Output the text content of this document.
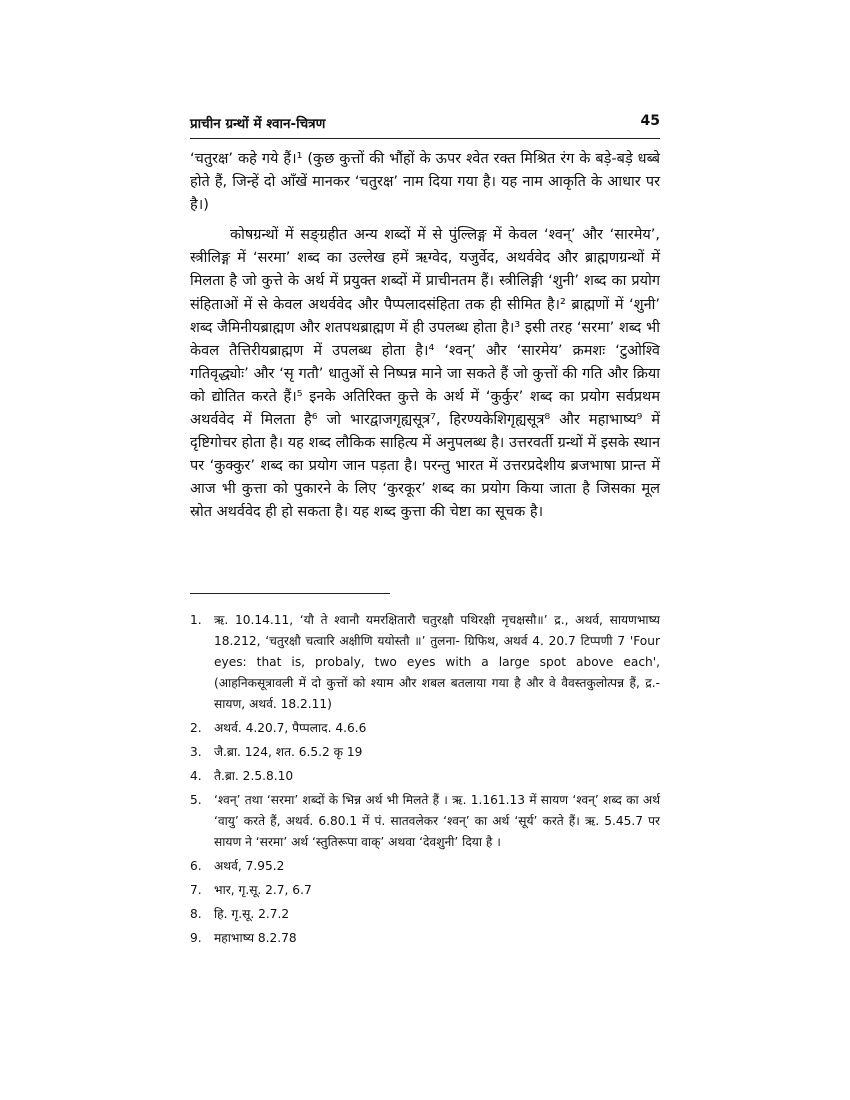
प्राचीन ग्रन्थों में श्वान-चित्रण	45

‘चतुरक्ष’ कहे गये हैं।¹ (कुछ कुत्तों की भौंहों के ऊपर श्वेत रक्त मिश्रित रंग के बड़े-बड़े धब्बे होते हैं, जिन्हें दो आँखें मानकर ‘चतुरक्ष’ नाम दिया गया है। यह नाम आकृति के आधार पर है।)

कोषग्रन्थों में सङ्ग्रहीत अन्य शब्दों में से पुंल्लिङ्ग में केवल ‘श्वन्’ और ‘सारमेय’, स्त्रीलिङ्ग में ‘सरमा’ शब्द का उल्लेख हमें ऋग्वेद, यजुर्वेद, अथर्ववेद और ब्राह्मणग्रन्थों में मिलता है जो कुत्ते के अर्थ में प्रयुक्त शब्दों में प्राचीनतम हैं। स्त्रीलिङ्गी ‘शुनी’ शब्द का प्रयोग संहिताओं में से केवल अथर्ववेद और पैप्पलादसंहिता तक ही सीमित है।² ब्राह्मणों में ‘शुनी’ शब्द जैमिनीयब्राह्मण और शतपथब्राह्मण में ही उपलब्ध होता है।³ इसी तरह ‘सरमा’ शब्द भी केवल तैत्तिरीयब्राह्मण में उपलब्ध होता है।⁴ ‘श्वन्’ और ‘सारमेय’ क्रमशः ‘टुओश्वि गतिवृद्ध्योः’ और ‘सृ गतौ’ धातुओं से निष्पन्न माने जा सकते हैं जो कुत्तों की गति और क्रिया को द्योतित करते हैं।⁵ इनके अतिरिक्त कुत्ते के अर्थ में ‘कुर्कुर’ शब्द का प्रयोग सर्वप्रथम अथर्ववेद में मिलता है⁶ जो भारद्वाजगृह्यसूत्र⁷, हिरण्यकेशिगृह्यसूत्र⁸ और महाभाष्य⁹ में दृष्टिगोचर होता है। यह शब्द लौकिक साहित्य में अनुपलब्ध है। उत्तरवर्ती ग्रन्थों में इसके स्थान पर ‘कुक्कुर’ शब्द का प्रयोग जान पड़ता है। परन्तु भारत में उत्तरप्रदेशीय ब्रजभाषा प्रान्त में आज भी कुत्ता को पुकारने के लिए ‘कुरकूर’ शब्द का प्रयोग किया जाता है जिसका मूल स्रोत अथर्ववेद ही हो सकता है। यह शब्द कुत्ता की चेष्टा का सूचक है।

1. ऋ. 10.14.11, ‘यौ ते श्वानौ यमरक्षितारौ चतुरक्षौ पथिरक्षी नृचक्षसौ॥’ द्र., अथर्व, सायणभाष्य 18.212, ‘चतुरक्षौ चत्वारि अक्षीणि ययोस्तौ ॥’ तुलना- ग्रिफिथ, अथर्व 4. 20.7 टिप्पणी 7 'Four eyes: that is, probaly, two eyes with a large spot above each', (आहनिकसूत्रावली में दो कुत्तों को श्याम और शबल बतलाया गया है और वे वैवस्तकुलोत्पन्न हैं, द्र.- सायण, अथर्व. 18.2.11)
2. अथर्व. 4.20.7, पैप्पलाद. 4.6.6
3. जै.ब्रा. 124, शत. 6.5.2 कृ 19
4. तै.ब्रा. 2.5.8.10
5. ‘श्वन्’ तथा ‘सरमा’ शब्दों के भिन्न अर्थ भी मिलते हैं । ऋ. 1.161.13 में सायण ‘श्वन्’ शब्द का अर्थ ‘वायु’ करते हैं, अथर्व. 6.80.1 में पं. सातवलेकर ‘श्वन्’ का अर्थ ‘सूर्य’ करते हैं। ऋ. 5.45.7 पर सायण ने ‘सरमा’ अर्थ ‘स्तुतिरूपा वाक्’ अथवा ‘देवशुनी’ दिया है ।
6. अथर्व, 7.95.2
7. भार, गृ.सू. 2.7, 6.7
8. हि. गृ.सू. 2.7.2
9. महाभाष्य 8.2.78
